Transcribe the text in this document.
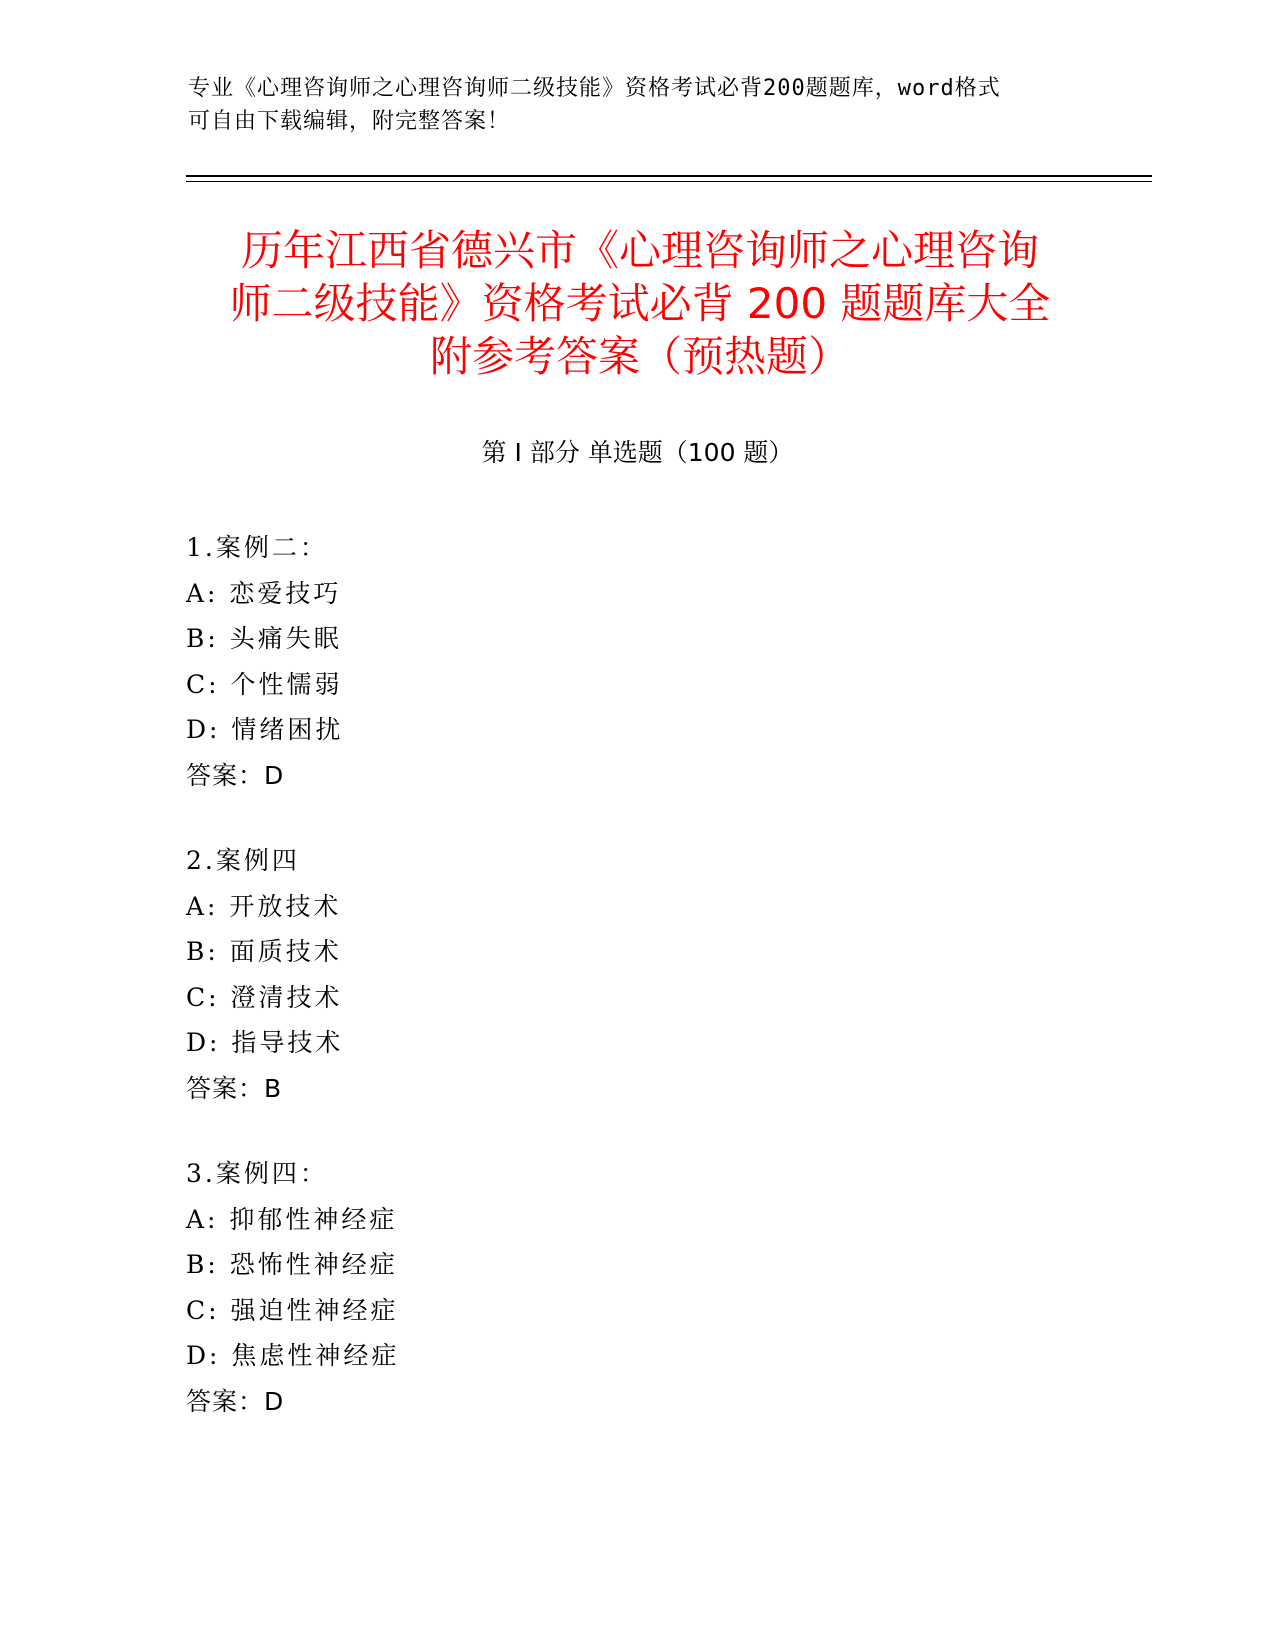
专业《心理咨询师之心理咨询师二级技能》资格考试必背200题题库，word格式
可自由下载编辑，附完整答案！
历年江西省德兴市《心理咨询师之心理咨询
师二级技能》资格考试必背 200 题题库大全
附参考答案（预热题）
第 I 部分 单选题（100 题）
1.案例二：
A: 恋爱技巧
B: 头痛失眠
C: 个性懦弱
D: 情绪困扰
答案：D
2.案例四
A: 开放技术
B: 面质技术
C: 澄清技术
D: 指导技术
答案：B
3.案例四：
A: 抑郁性神经症
B: 恐怖性神经症
C: 强迫性神经症
D: 焦虑性神经症
答案：D
